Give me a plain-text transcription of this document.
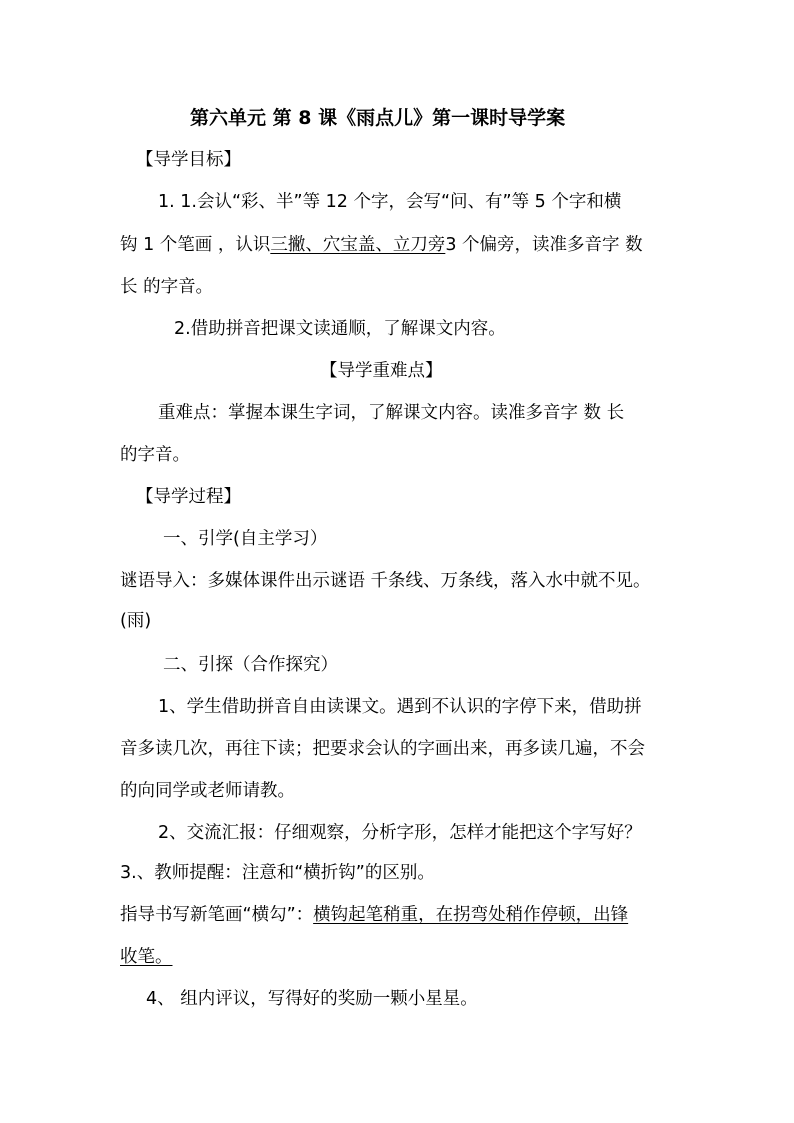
第六单元 第 8 课《雨点儿》第一课时导学案
【导学目标】
1. 1.会认“彩、半”等 12 个字，会写“问、有”等 5 个字和横
钩 1 个笔画 ，认识三撇、穴宝盖、立刀旁3 个偏旁，读准多音字 数
长 的字音。
2.借助拼音把课文读通顺，了解课文内容。
【导学重难点】
重难点：掌握本课生字词，了解课文内容。读准多音字 数 长
的字音。
【导学过程】
一、引学(自主学习）
谜语导入：多媒体课件出示谜语 千条线、万条线，落入水中就不见。
(雨)
二、引探（合作探究）
1、学生借助拼音自由读课文。遇到不认识的字停下来，借助拼
音多读几次，再往下读；把要求会认的字画出来，再多读几遍，不会
的向同学或老师请教。
2、交流汇报：仔细观察，分析字形，怎样才能把这个字写好？
3.、教师提醒：注意和“横折钩”的区别。
指导书写新笔画“横勾”：横钩起笔稍重，在拐弯处稍作停顿，出锋
收笔。
4、 组内评议，写得好的奖励一颗小星星。
